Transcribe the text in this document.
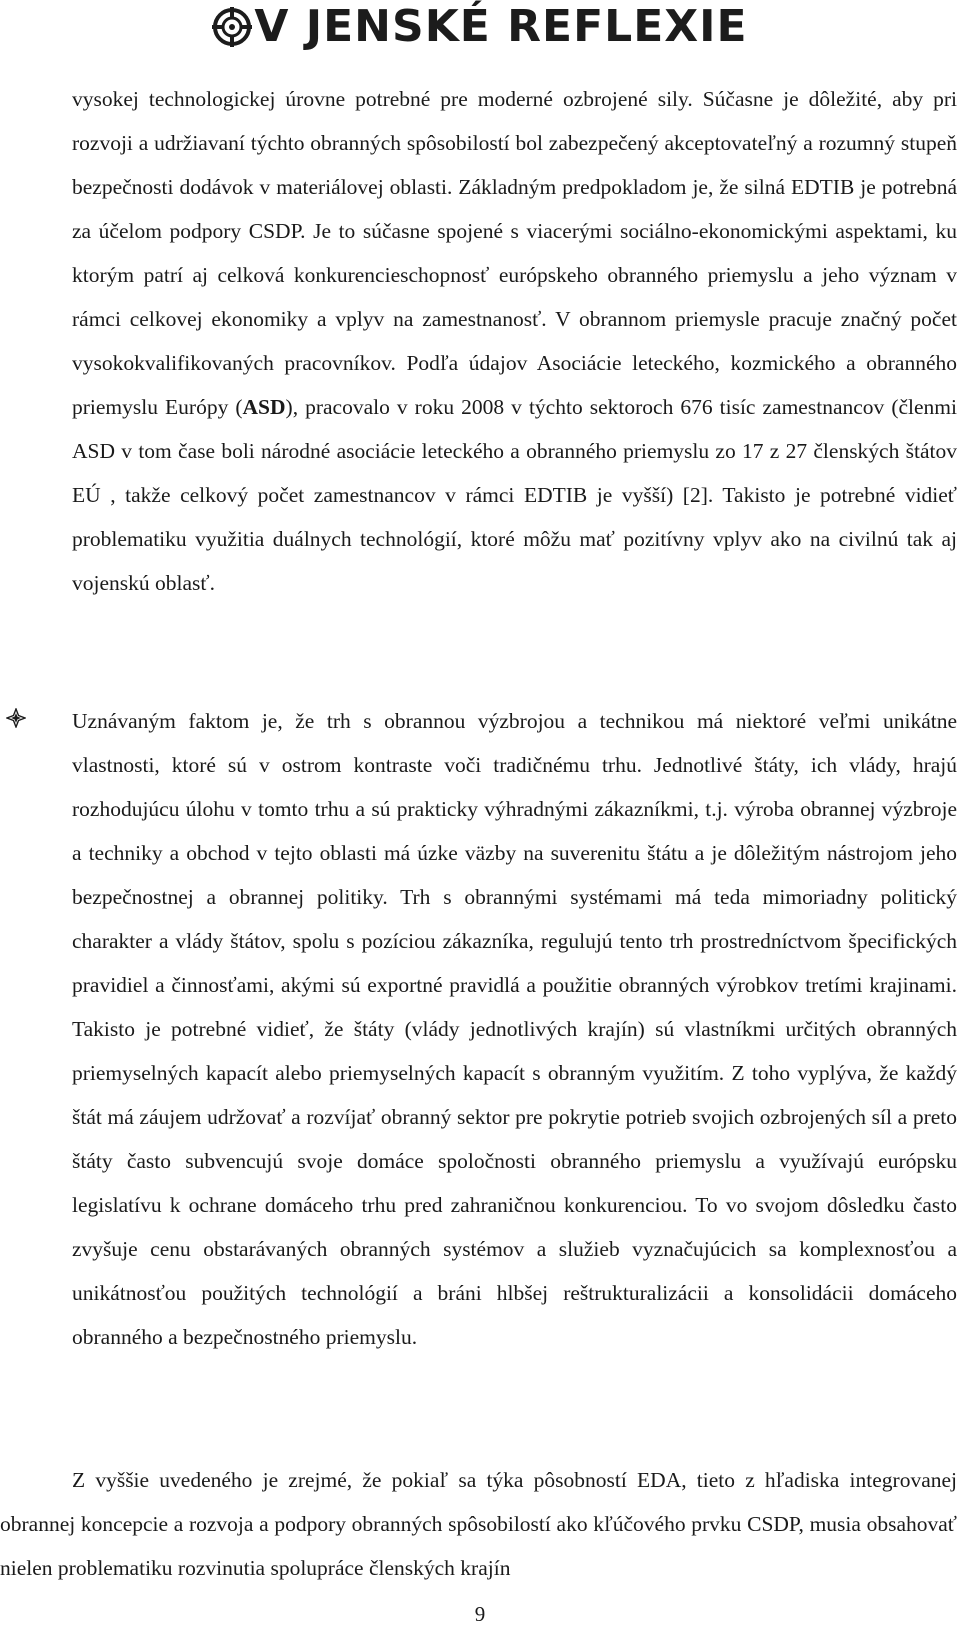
V JENSKÉ REFLEXIE

vysokej technologickej úrovne potrebné pre moderné ozbrojené sily. Súčasne je dôležité, aby pri rozvoji a udržiavaní týchto obranných spôsobilostí bol zabezpečený akceptovateľný a rozumný stupeň bezpečnosti dodávok v materiálovej oblasti. Základným predpokladom je, že silná EDTIB je potrebná za účelom podpory CSDP. Je to súčasne spojené s viacerými sociálno-ekonomickými aspektami, ku ktorým patrí aj celková konkurencieschopnosť európskeho obranného priemyslu a jeho význam v rámci celkovej ekonomiky a vplyv na zamestnanosť. V obrannom priemysle pracuje značný počet vysokokvalifikovaných pracovníkov. Podľa údajov Asociácie leteckého, kozmického a obranného priemyslu Európy (ASD), pracovalo v roku 2008 v týchto sektoroch 676 tisíc zamestnancov (členmi ASD v tom čase boli národné asociácie leteckého a obranného priemyslu zo 17 z 27 členských štátov EÚ , takže celkový počet zamestnancov v rámci EDTIB je vyšší) [2]. Takisto je potrebné vidieť problematiku využitia duálnych technológií, ktoré môžu mať pozitívny vplyv ako na civilnú tak aj vojenskú oblasť.

Uznávaným faktom je, že trh s obrannou výzbrojou a technikou má niektoré veľmi unikátne vlastnosti, ktoré sú v ostrom kontraste voči tradičnému trhu. Jednotlivé štáty, ich vlády, hrajú rozhodujúcu úlohu v tomto trhu a sú prakticky výhradnými zákazníkmi, t.j. výroba obrannej výzbroje a techniky a obchod v tejto oblasti má úzke väzby na suverenitu štátu a je dôležitým nástrojom jeho bezpečnostnej a obrannej politiky. Trh s obrannými systémami má teda mimoriadny politický charakter a vlády štátov, spolu s pozíciou zákazníka, regulujú tento trh prostredníctvom špecifických pravidiel a činnosťami, akými sú exportné pravidlá a použitie obranných výrobkov tretími krajinami. Takisto je potrebné vidieť, že štáty (vlády jednotlivých krajín) sú vlastníkmi určitých obranných priemyselných kapacít alebo priemyselných kapacít s obranným využitím. Z toho vyplýva, že každý štát má záujem udržovať a rozvíjať obranný sektor pre pokrytie potrieb svojich ozbrojených síl a preto štáty často subvencujú svoje domáce spoločnosti obranného priemyslu a využívajú európsku legislatívu k ochrane domáceho trhu pred zahraničnou konkurenciou. To vo svojom dôsledku často zvyšuje cenu obstarávaných obranných systémov a služieb vyznačujúcich sa komplexnosťou a unikátnosťou použitých technológií a bráni hlbšej reštrukturalizácii a konsolidácii domáceho obranného a bezpečnostného priemyslu.

Z vyššie uvedeného je zrejmé, že pokiaľ sa týka pôsobností EDA, tieto z hľadiska integrovanej obrannej koncepcie a rozvoja a podpory obranných spôsobilostí ako kľúčového prvku CSDP, musia obsahovať nielen problematiku rozvinutia spolupráce členských krajín

9
